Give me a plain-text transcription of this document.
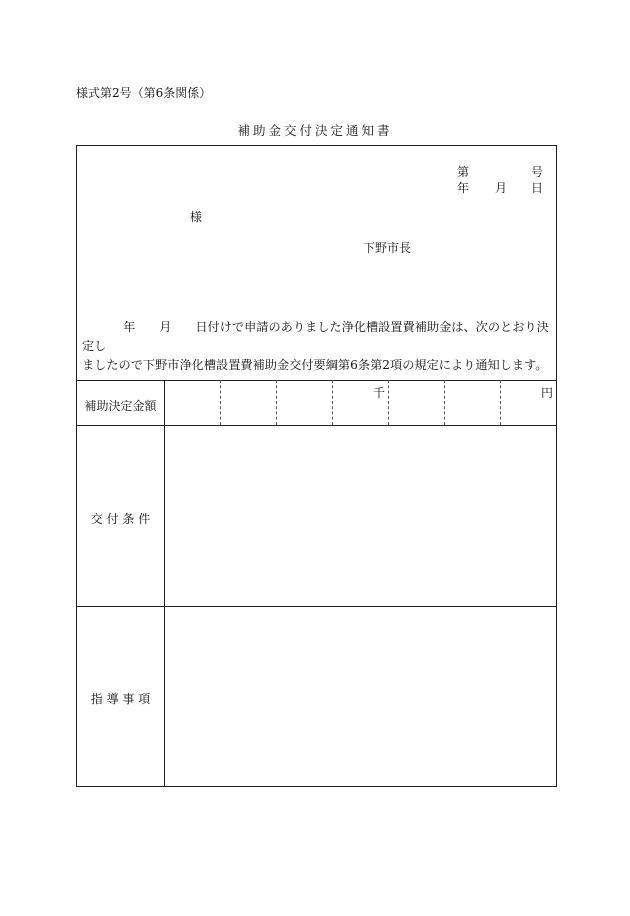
様式第2号（第6条関係）
補助金交付決定通知書
第	号
年 月 日
様
下野市長
年 月 日付けで申請のありました浄化槽設置費補助金は、次のとおり決定し
ましたので下野市浄化槽設置費補助金交付要綱第6条第2項の規定により通知します。
補助決定金額
千	円
交 付 条 件
指 導 事 項
